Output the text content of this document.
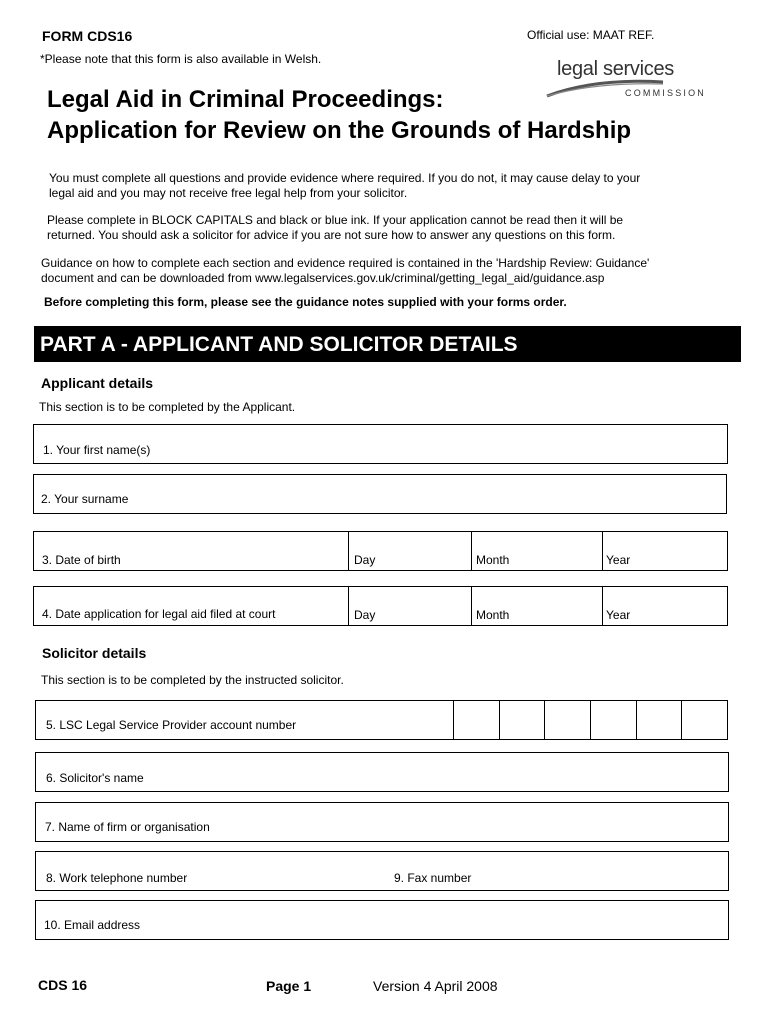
FORM CDS16
*Please note that this form is also available in Welsh.
Official use: MAAT REF.
legal services
COMMISSION
Legal Aid in Criminal Proceedings:
Application for Review on the Grounds of Hardship
You must complete all questions and provide evidence where required. If you do not, it may cause delay to your
legal aid and you may not receive free legal help from your solicitor.
Please complete in BLOCK CAPITALS and black or blue ink. If your application cannot be read then it will be
returned. You should ask a solicitor for advice if you are not sure how to answer any questions on this form.
Guidance on how to complete each section and evidence required is contained in the 'Hardship Review: Guidance'
document and can be downloaded from www.legalservices.gov.uk/criminal/getting_legal_aid/guidance.asp
Before completing this form, please see the guidance notes supplied with your forms order.
PART A - APPLICANT AND SOLICITOR DETAILS
Applicant details
This section is to be completed by the Applicant.
1. Your first name(s)
2. Your surname
3. Date of birth	Day	Month	Year
4. Date application for legal aid filed at court	Day	Month	Year
Solicitor details
This section is to be completed by the instructed solicitor.
5. LSC Legal Service Provider account number
6. Solicitor's name
7. Name of firm or organisation
8. Work telephone number	9. Fax number
10. Email address
CDS 16	Page 1	Version 4 April 2008
